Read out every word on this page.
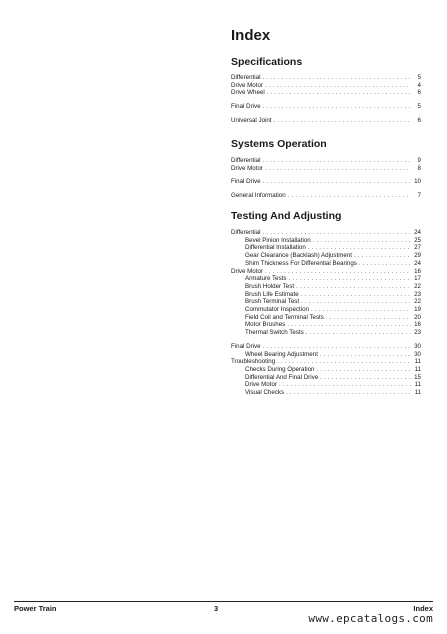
Index
Specifications
Differential . . .	5
Drive Motor . . .	4
Drive Wheel . . .	6
Final Drive . . .	5
Universal Joint . . .	6
Systems Operation
Differential . . .	9
Drive Motor . . .	8
Final Drive . . .	10
General Information . . .	7
Testing And Adjusting
Differential . . .	24
Bevel Pinion Installation . . .	25
Differential Installation . . .	27
Gear Clearance (Backlash) Adjustment . . .	29
Shim Thickness For Differential Bearings . . .	24
Drive Motor . . .	16
Armature Tests . . .	17
Brush Holder Test . . .	22
Brush Life Estimate . . .	23
Brush Terminal Test . . .	22
Commutator Inspection . . .	19
Field Coil and Terminal Tests . . .	20
Motor Brushes . . .	16
Thermal Switch Tests . . .	23
Final Drive . . .	30
Wheel Bearing Adjustment . . .	30
Troubleshooting . . .	11
Checks During Operation . . .	11
Differential And Final Drive . . .	15
Drive Motor . . .	11
Visual Checks . . .	11
Power Train	3	Index
www.epcatalogs.com
